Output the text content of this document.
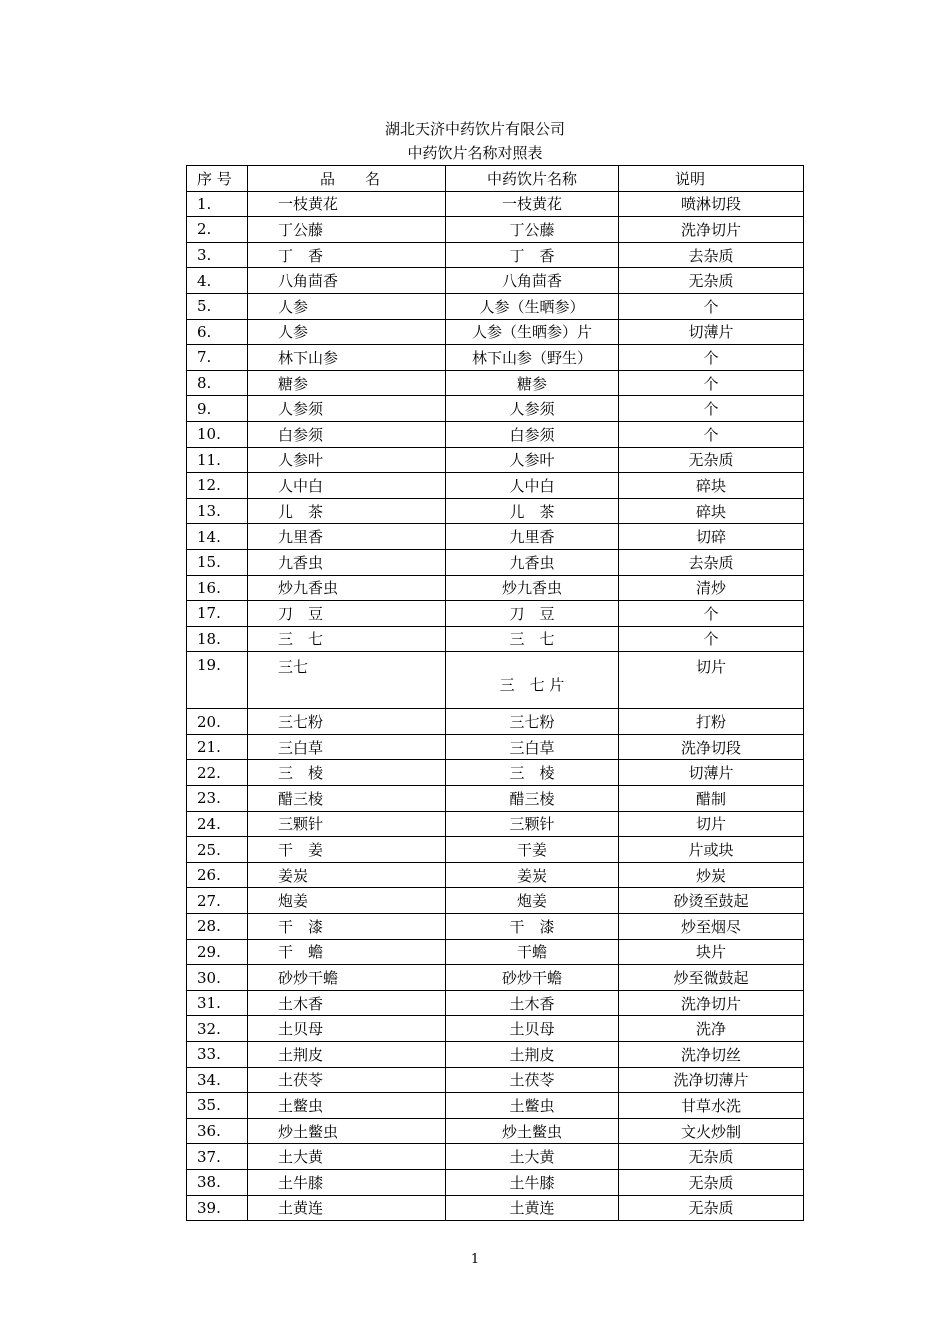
湖北天济中药饮片有限公司
中药饮片名称对照表
序 号	品　　名	中药饮片名称	说明
1.	一枝黄花	一枝黄花	喷淋切段
2.	丁公藤	丁公藤	洗净切片
3.	丁　香	丁　香	去杂质
4.	八角茴香	八角茴香	无杂质
5.	人参	人参（生晒参）	个
6.	人参	人参（生晒参）片	切薄片
7.	林下山参	林下山参（野生）	个
8.	糖参	糖参	个
9.	人参须	人参须	个
10.	白参须	白参须	个
11.	人参叶	人参叶	无杂质
12.	人中白	人中白	碎块
13.	儿　茶	儿　茶	碎块
14.	九里香	九里香	切碎
15.	九香虫	九香虫	去杂质
16.	炒九香虫	炒九香虫	清炒
17.	刀　豆	刀　豆	个
18.	三　七	三　七	个
19.	三七	三　七 片	切片
20.	三七粉	三七粉	打粉
21.	三白草	三白草	洗净切段
22.	三　棱	三　棱	切薄片
23.	醋三棱	醋三棱	醋制
24.	三颗针	三颗针	切片
25.	干　姜	干姜	片或块
26.	姜炭	姜炭	炒炭
27.	炮姜	炮姜	砂烫至鼓起
28.	干　漆	干　漆	炒至烟尽
29.	干　蟾	干蟾	块片
30.	砂炒干蟾	砂炒干蟾	炒至微鼓起
31.	土木香	土木香	洗净切片
32.	土贝母	土贝母	洗净
33.	土荆皮	土荆皮	洗净切丝
34.	土茯苓	土茯苓	洗净切薄片
35.	土鳖虫	土鳖虫	甘草水洗
36.	炒土鳖虫	炒土鳖虫	文火炒制
37.	土大黄	土大黄	无杂质
38.	土牛膝	土牛膝	无杂质
39.	土黄连	土黄连	无杂质
1
